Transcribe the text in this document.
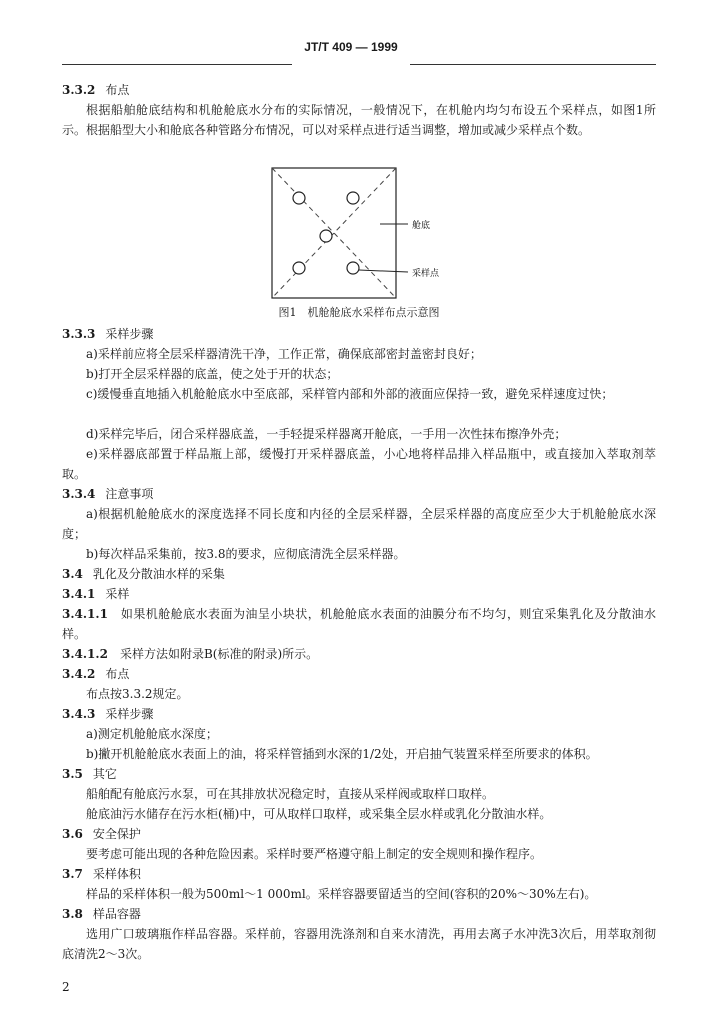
JT/T 409 — 1999
3.3.2 布点

根据船舶舱底结构和机舱舱底水分布的实际情况，一般情况下，在机舱内均匀布设五个采样点，如图1所示。根据船型大小和舱底各种管路分布情况，可以对采样点进行适当调整，增加或减少采样点个数。

舱底
采样点
图1　机舱舱底水采样布点示意图
3.3.3 采样步骤

a)采样前应将全层采样器清洗干净，工作正常，确保底部密封盖密封良好；

b)打开全层采样器的底盖，使之处于开的状态；

c)缓慢垂直地插入机舱舱底水中至底部，采样管内部和外部的液面应保持一致，避免采样速度过快；

d)采样完毕后，闭合采样器底盖，一手轻提采样器离开舱底，一手用一次性抹布擦净外壳；

e)采样器底部置于样品瓶上部，缓慢打开采样器底盖，小心地将样品排入样品瓶中，或直接加入萃取剂萃取。

3.3.4 注意事项

a)根据机舱舱底水的深度选择不同长度和内径的全层采样器，全层采样器的高度应至少大于机舱舱底水深度；

b)每次样品采集前，按3.8的要求，应彻底清洗全层采样器。

3.4 乳化及分散油水样的采集
3.4.1 采样

3.4.1.1　 如果机舱舱底水表面为油呈小块状，机舱舱底水表面的油膜分布不均匀，则宜采集乳化及分散油水样。

3.4.1.2　 采样方法如附录B(标准的附录)所示。

3.4.2 布点

布点按3.3.2规定。

3.4.3 采样步骤

a)测定机舱舱底水深度；

b)撇开机舱舱底水表面上的油，将采样管插到水深的1/2处，开启抽气装置采样至所要求的体积。

3.5 其它

船舶配有舱底污水泵，可在其排放状况稳定时，直接从采样阀或取样口取样。

舱底油污水储存在污水柜(桶)中，可从取样口取样，或采集全层水样或乳化分散油水样。

3.6 安全保护

要考虑可能出现的各种危险因素。采样时要严格遵守船上制定的安全规则和操作程序。

3.7 采样体积

样品的采样体积一般为500ml～1 000ml。采样容器要留适当的空间(容积的20%～30%左右)。

3.8 样品容器

选用广口玻璃瓶作样品容器。采样前，容器用洗涤剂和自来水清洗，再用去离子水冲洗3次后，用萃取剂彻底清洗2～3次。

2
